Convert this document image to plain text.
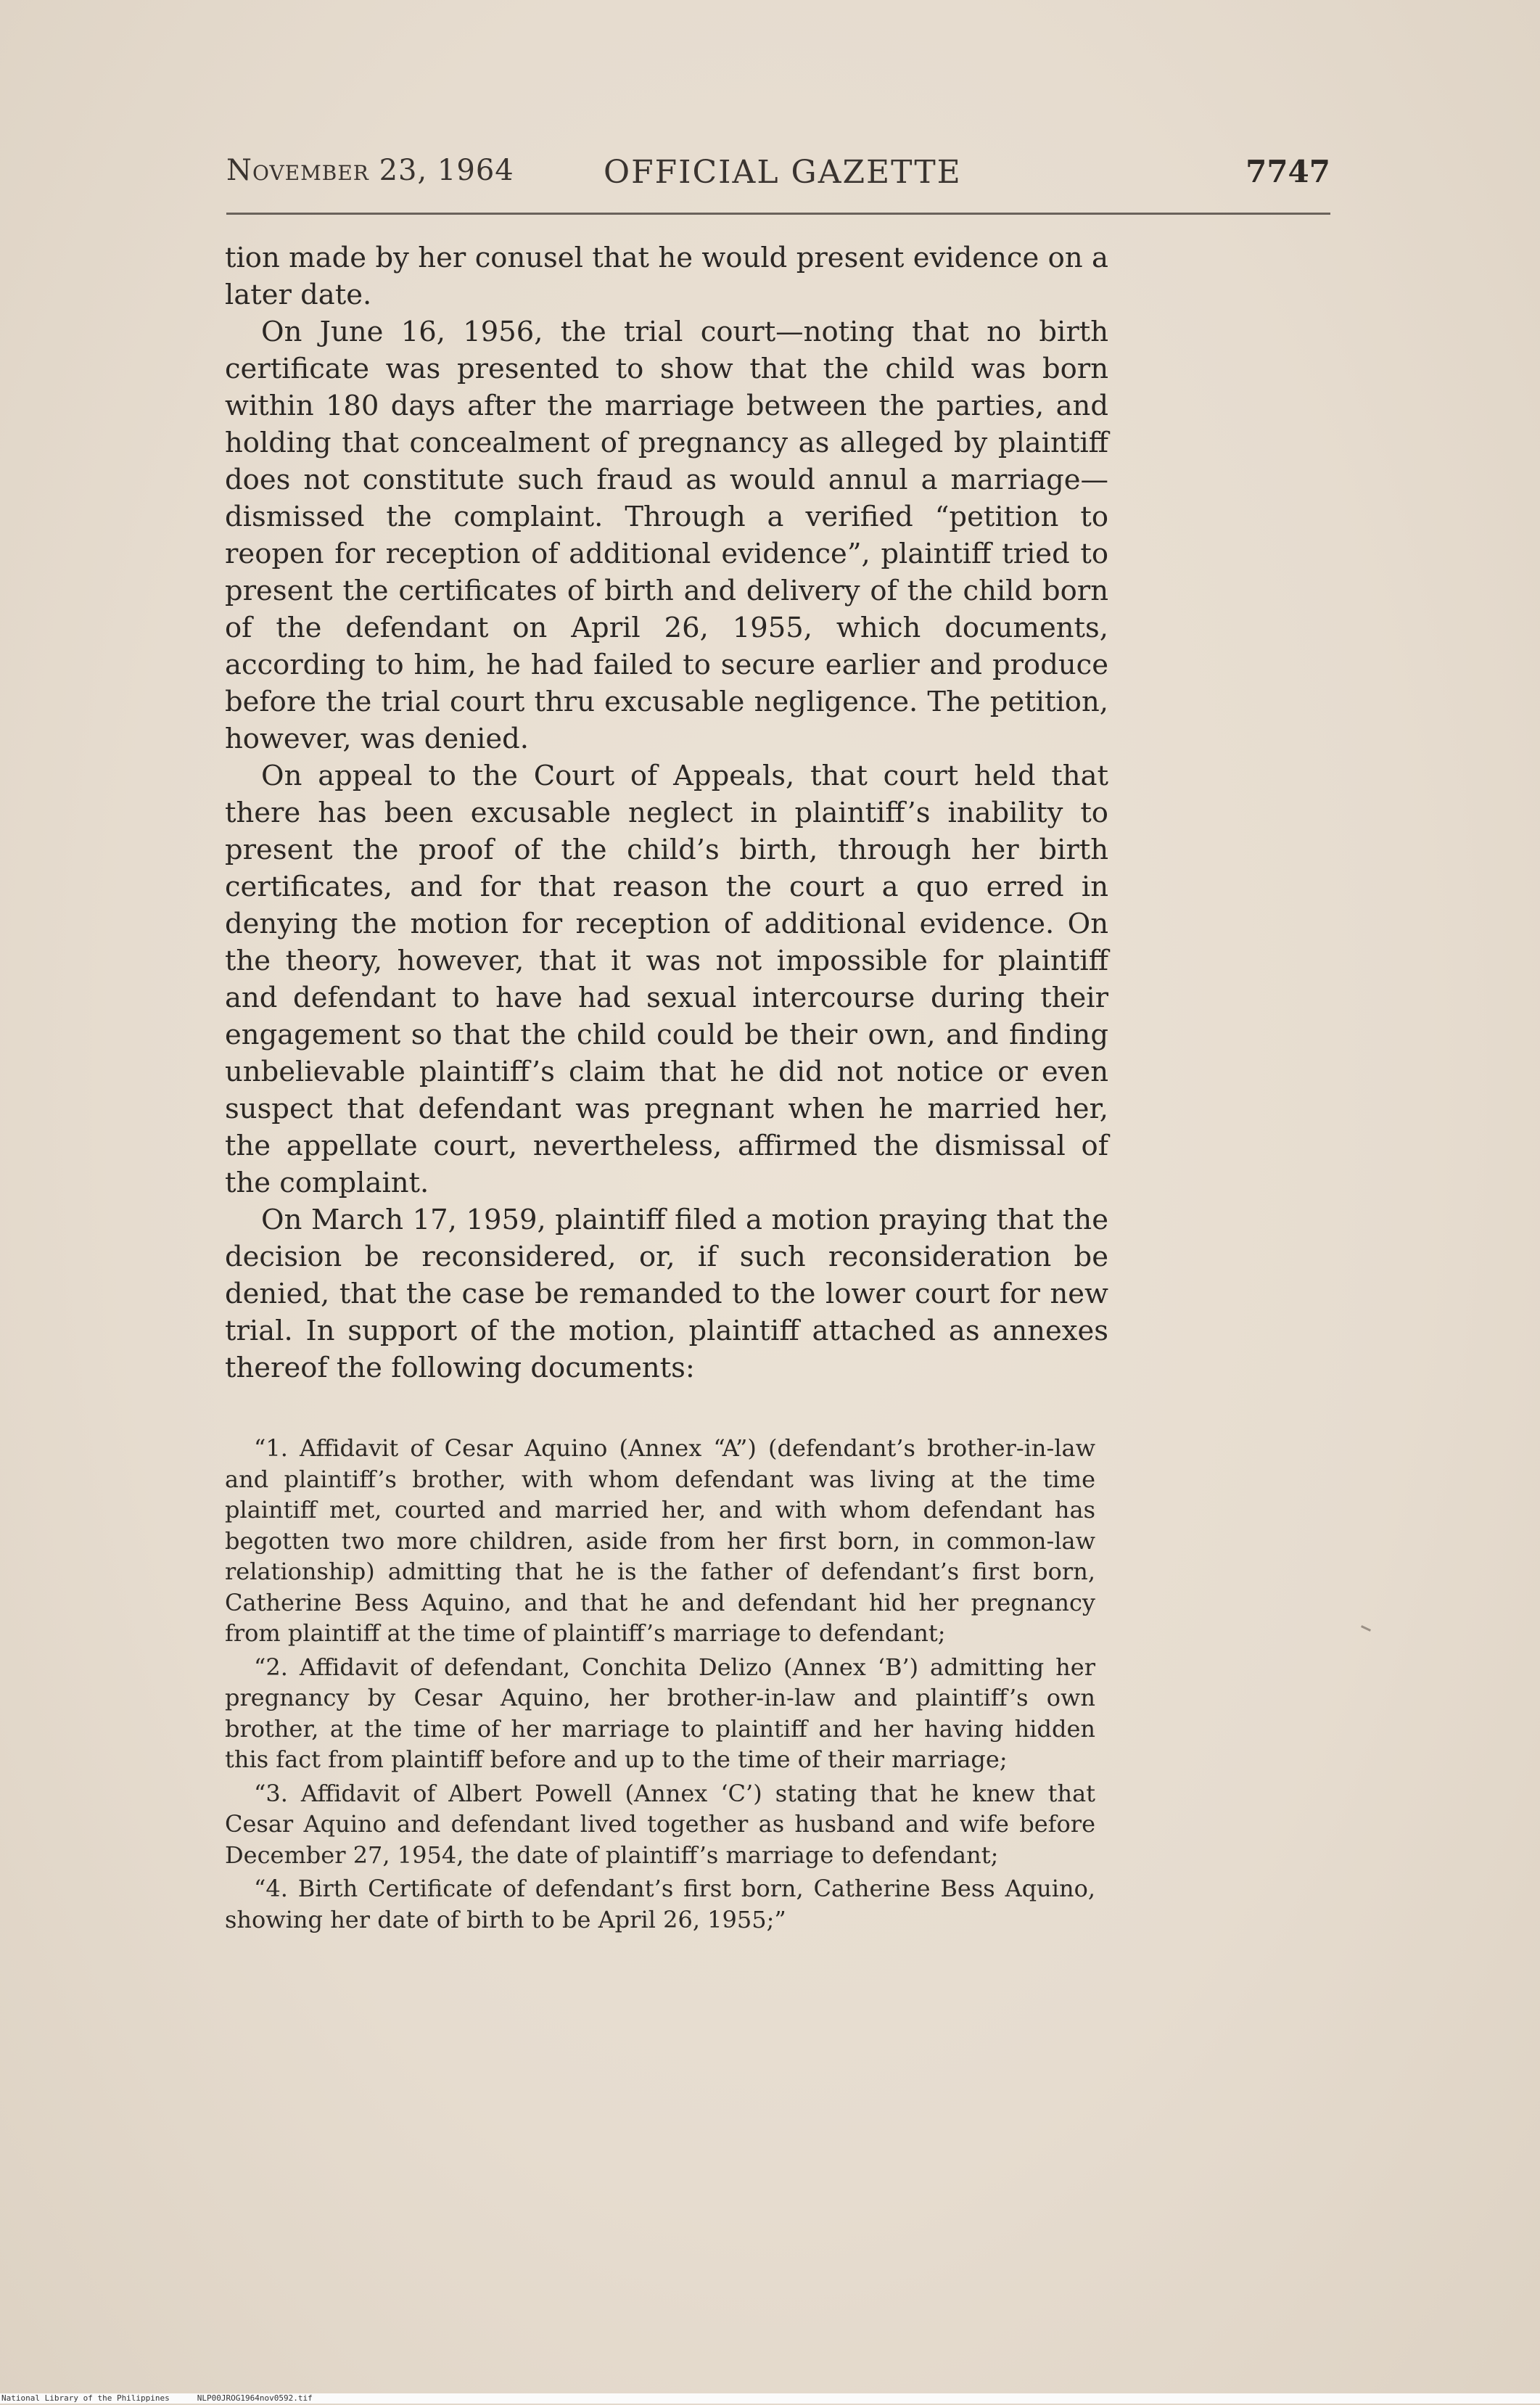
November 23, 1964	OFFICIAL GAZETTE	7747

tion made by her conusel that he would present evidence on a later date.

On June 16, 1956, the trial court—noting that no birth certificate was presented to show that the child was born within 180 days after the marriage between the parties, and holding that concealment of pregnancy as alleged by plaintiff does not constitute such fraud as would annul a marriage—dismissed the complaint. Through a verified “petition to reopen for reception of additional evidence”, plaintiff tried to present the certificates of birth and delivery of the child born of the defendant on April 26, 1955, which documents, according to him, he had failed to secure earlier and produce before the trial court thru excusable negligence. The petition, however, was denied.

On appeal to the Court of Appeals, that court held that there has been excusable neglect in plaintiff’s inability to present the proof of the child’s birth, through her birth certificates, and for that reason the court a quo erred in denying the motion for reception of additional evidence. On the theory, however, that it was not impossible for plaintiff and defendant to have had sexual intercourse during their engagement so that the child could be their own, and finding unbelievable plaintiff’s claim that he did not notice or even suspect that defendant was pregnant when he married her, the appellate court, nevertheless, affirmed the dismissal of the complaint.

On March 17, 1959, plaintiff filed a motion praying that the decision be reconsidered, or, if such reconsideration be denied, that the case be remanded to the lower court for new trial. In support of the motion, plaintiff attached as annexes thereof the following documents:

“1. Affidavit of Cesar Aquino (Annex “A”) (defendant’s brother-in-law and plaintiff’s brother, with whom defendant was living at the time plaintiff met, courted and married her, and with whom defendant has begotten two more children, aside from her first born, in common-law relationship) admitting that he is the father of defendant’s first born, Catherine Bess Aquino, and that he and defendant hid her pregnancy from plaintiff at the time of plaintiff’s marriage to defendant;

“2. Affidavit of defendant, Conchita Delizo (Annex ‘B’) admitting her pregnancy by Cesar Aquino, her brother-in-law and plaintiff’s own brother, at the time of her marriage to plaintiff and her having hidden this fact from plaintiff before and up to the time of their marriage;

“3. Affidavit of Albert Powell (Annex ‘C’) stating that he knew that Cesar Aquino and defendant lived together as husband and wife before December 27, 1954, the date of plaintiff’s marriage to defendant;

“4. Birth Certificate of defendant’s first born, Catherine Bess Aquino, showing her date of birth to be April 26, 1955;”

National Library of the Philippines	NLP00JROG1964nov0592.tif
